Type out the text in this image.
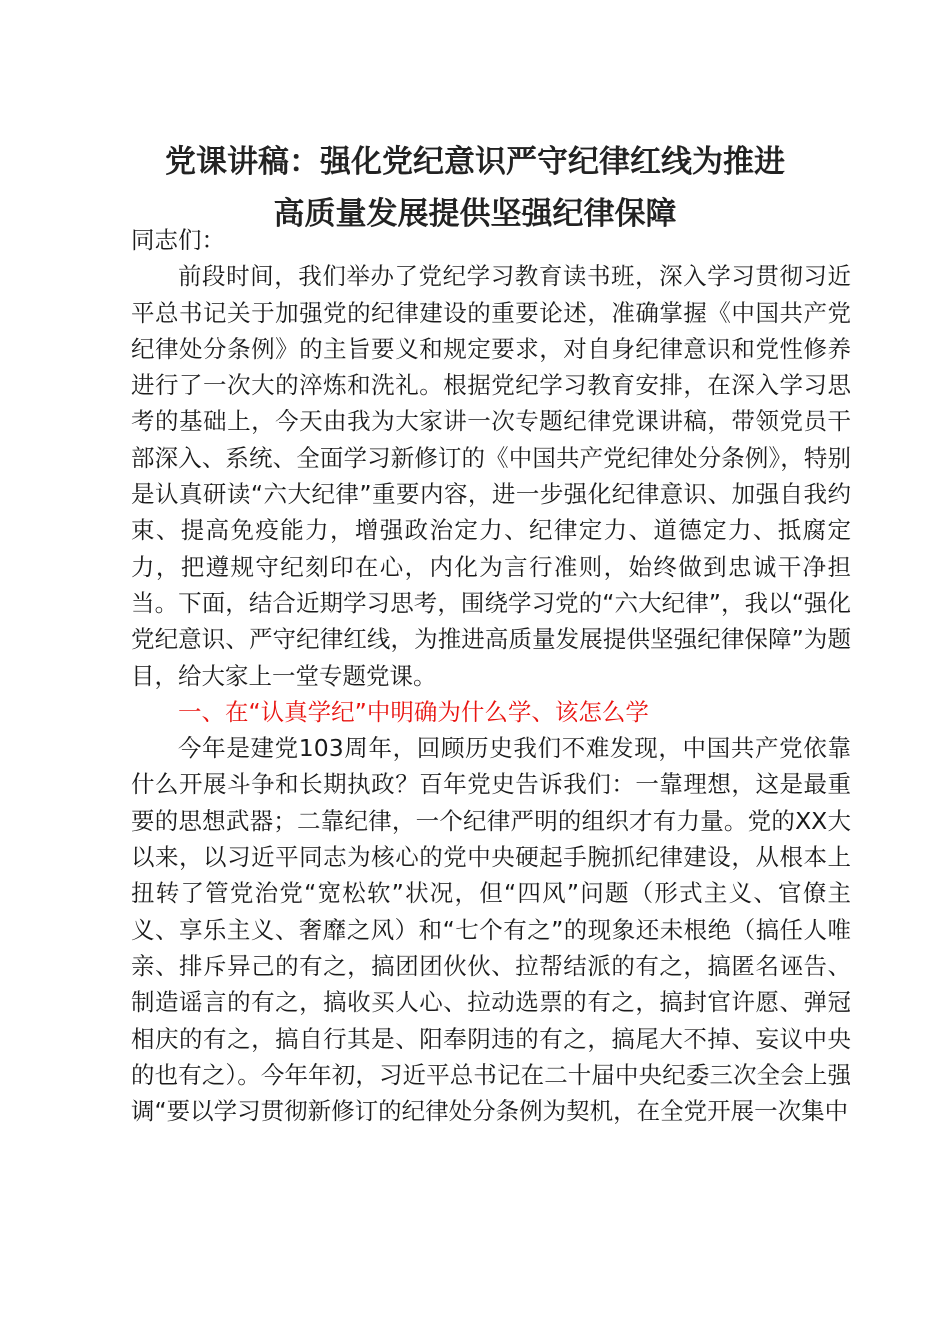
党课讲稿：强化党纪意识严守纪律红线为推进
高质量发展提供坚强纪律保障

同志们：

前段时间，我们举办了党纪学习教育读书班，深入学习贯彻习近平总书记关于加强党的纪律建设的重要论述，准确掌握《中国共产党纪律处分条例》的主旨要义和规定要求，对自身纪律意识和党性修养进行了一次大的淬炼和洗礼。根据党纪学习教育安排，在深入学习思考的基础上，今天由我为大家讲一次专题纪律党课讲稿，带领党员干部深入、系统、全面学习新修订的《中国共产党纪律处分条例》，特别是认真研读“六大纪律”重要内容，进一步强化纪律意识、加强自我约束、提高免疫能力，增强政治定力、纪律定力、道德定力、抵腐定力，把遵规守纪刻印在心，内化为言行准则，始终做到忠诚干净担当。下面，结合近期学习思考，围绕学习党的“六大纪律”，我以“强化党纪意识、严守纪律红线，为推进高质量发展提供坚强纪律保障”为题目，给大家上一堂专题党课。

一、在“认真学纪”中明确为什么学、该怎么学

今年是建党103周年，回顾历史我们不难发现，中国共产党依靠什么开展斗争和长期执政？百年党史告诉我们：一靠理想，这是最重要的思想武器；二靠纪律，一个纪律严明的组织才有力量。党的XX大以来，以习近平同志为核心的党中央硬起手腕抓纪律建设，从根本上扭转了管党治党“宽松软”状况，但“四风”问题（形式主义、官僚主义、享乐主义、奢靡之风）和“七个有之”的现象还未根绝（搞任人唯亲、排斥异己的有之，搞团团伙伙、拉帮结派的有之，搞匿名诬告、制造谣言的有之，搞收买人心、拉动选票的有之，搞封官许愿、弹冠相庆的有之，搞自行其是、阳奉阴违的有之，搞尾大不掉、妄议中央的也有之）。今年年初，习近平总书记在二十届中央纪委三次全会上强调“要以学习贯彻新修订的纪律处分条例为契机，在全党开展一次集中
